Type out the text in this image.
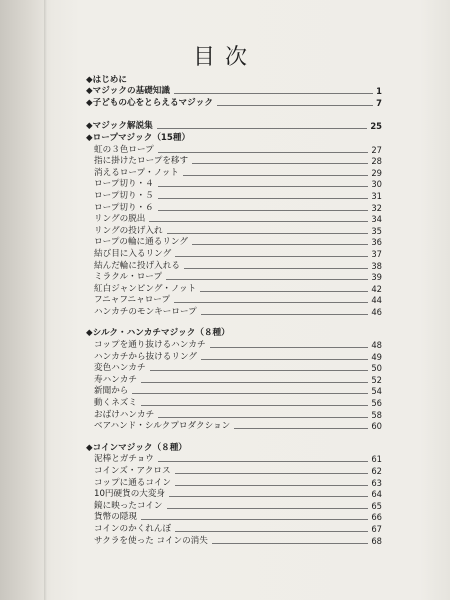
目次
◆はじめに
◆マジックの基礎知識	1
◆子どもの心をとらえるマジック	7
◆マジック解説集	25
◆ロープマジック（15種）
虹の３色ロープ	27
指に掛けたロープを移す	28
消えるロープ・ノット	29
ロープ切り・４	30
ロープ切り・５	31
ロープ切り・６	32
リングの脱出	34
リングの投げ入れ	35
ロープの輪に通るリング	36
結び目に入るリング	37
結んだ輪に投げ入れる	38
ミラクル・ロープ	39
紅白ジャンピング・ノット	42
フニャフニャロープ	44
ハンカチのモンキーロープ	46
◆シルク・ハンカチマジック（８種）
コップを通り抜けるハンカチ	48
ハンカチから抜けるリング	49
変色ハンカチ	50
寿ハンカチ	52
新聞から	54
動くネズミ	56
おばけハンカチ	58
ベアハンド・シルクプロダクション	60
◆コインマジック（８種）
泥棒とガチョウ	61
コインズ・アクロス	62
コップに通るコイン	63
10円硬貨の大変身	64
鏡に映ったコイン	65
貨幣の隠現	66
コインのかくれんぼ	67
サクラを使った コインの消失	68
